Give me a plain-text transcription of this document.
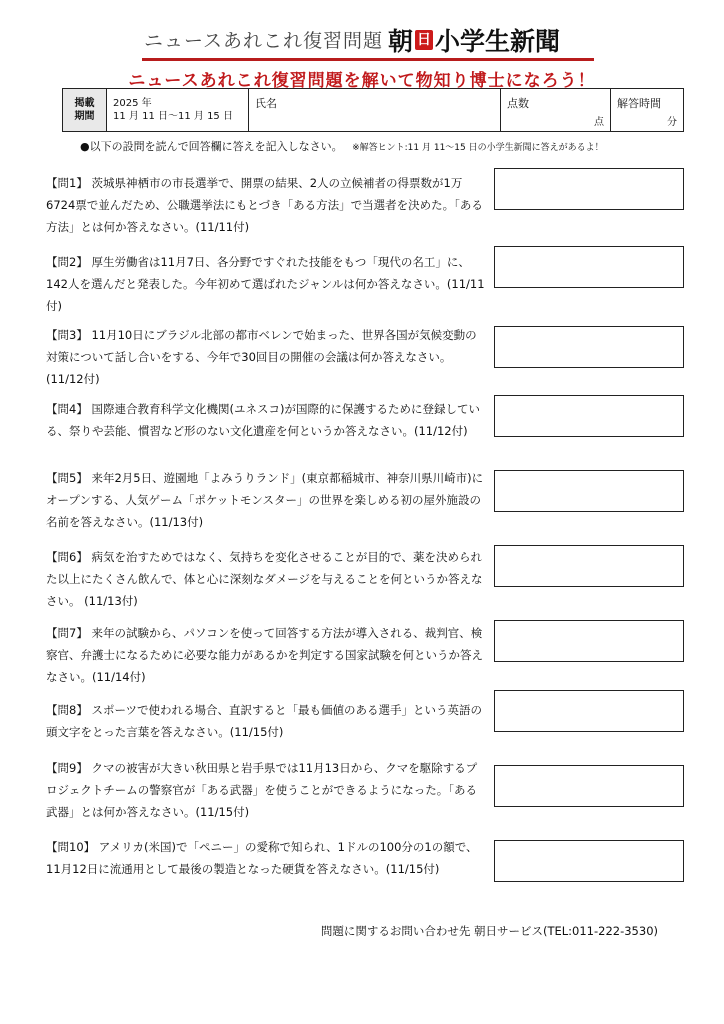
ニュースあれこれ復習問題 朝 日 小学生新聞
ニュースあれこれ復習問題を解いて物知り博士になろう！
掲載
期間
2025 年
11 月 11 日～11 月 15 日
氏名	点数
点
解答時間
分
●以下の設問を読んで回答欄に答えを記入しなさい。 ※解答ヒント:11 月 11～15 日の小学生新聞に答えがあるよ！
【問1】 茨城県神栖市の市長選挙で、開票の結果、2人の立候補者の得票数が1万6724票で並んだため、公職選挙法にもとづき「ある方法」で当選者を決めた。「ある方法」とは何か答えなさい。(11/11付)
【問2】 厚生労働省は11月7日、各分野ですぐれた技能をもつ「現代の名工」に、142人を選んだと発表した。今年初めて選ばれたジャンルは何か答えなさい。(11/11付)
【問3】 11月10日にブラジル北部の都市ベレンで始まった、世界各国が気候変動の対策について話し合いをする、今年で30回目の開催の会議は何か答えなさい。(11/12付)
【問4】 国際連合教育科学文化機関(ユネスコ)が国際的に保護するために登録している、祭りや芸能、慣習など形のない文化遺産を何というか答えなさい。(11/12付)
【問5】 来年2月5日、遊園地「よみうりランド」(東京都稲城市、神奈川県川崎市)にオープンする、人気ゲーム「ポケットモンスター」の世界を楽しめる初の屋外施設の名前を答えなさい。(11/13付)
【問6】 病気を治すためではなく、気持ちを変化させることが目的で、薬を決められた以上にたくさん飲んで、体と心に深刻なダメージを与えることを何というか答えなさい。 (11/13付)
【問7】 来年の試験から、パソコンを使って回答する方法が導入される、裁判官、検察官、弁護士になるために必要な能力があるかを判定する国家試験を何というか答えなさい。(11/14付)
【問8】 スポーツで使われる場合、直訳すると「最も価値のある選手」という英語の頭文字をとった言葉を答えなさい。(11/15付)
【問9】 クマの被害が大きい秋田県と岩手県では11月13日から、クマを駆除するプロジェクトチームの警察官が「ある武器」を使うことができるようになった。「ある武器」とは何か答えなさい。(11/15付)
【問10】 アメリカ(米国)で「ペニー」の愛称で知られ、1ドルの100分の1の額で、11月12日に流通用として最後の製造となった硬貨を答えなさい。(11/15付)
問題に関するお問い合わせ先 朝日サービス(TEL:011-222-3530)
